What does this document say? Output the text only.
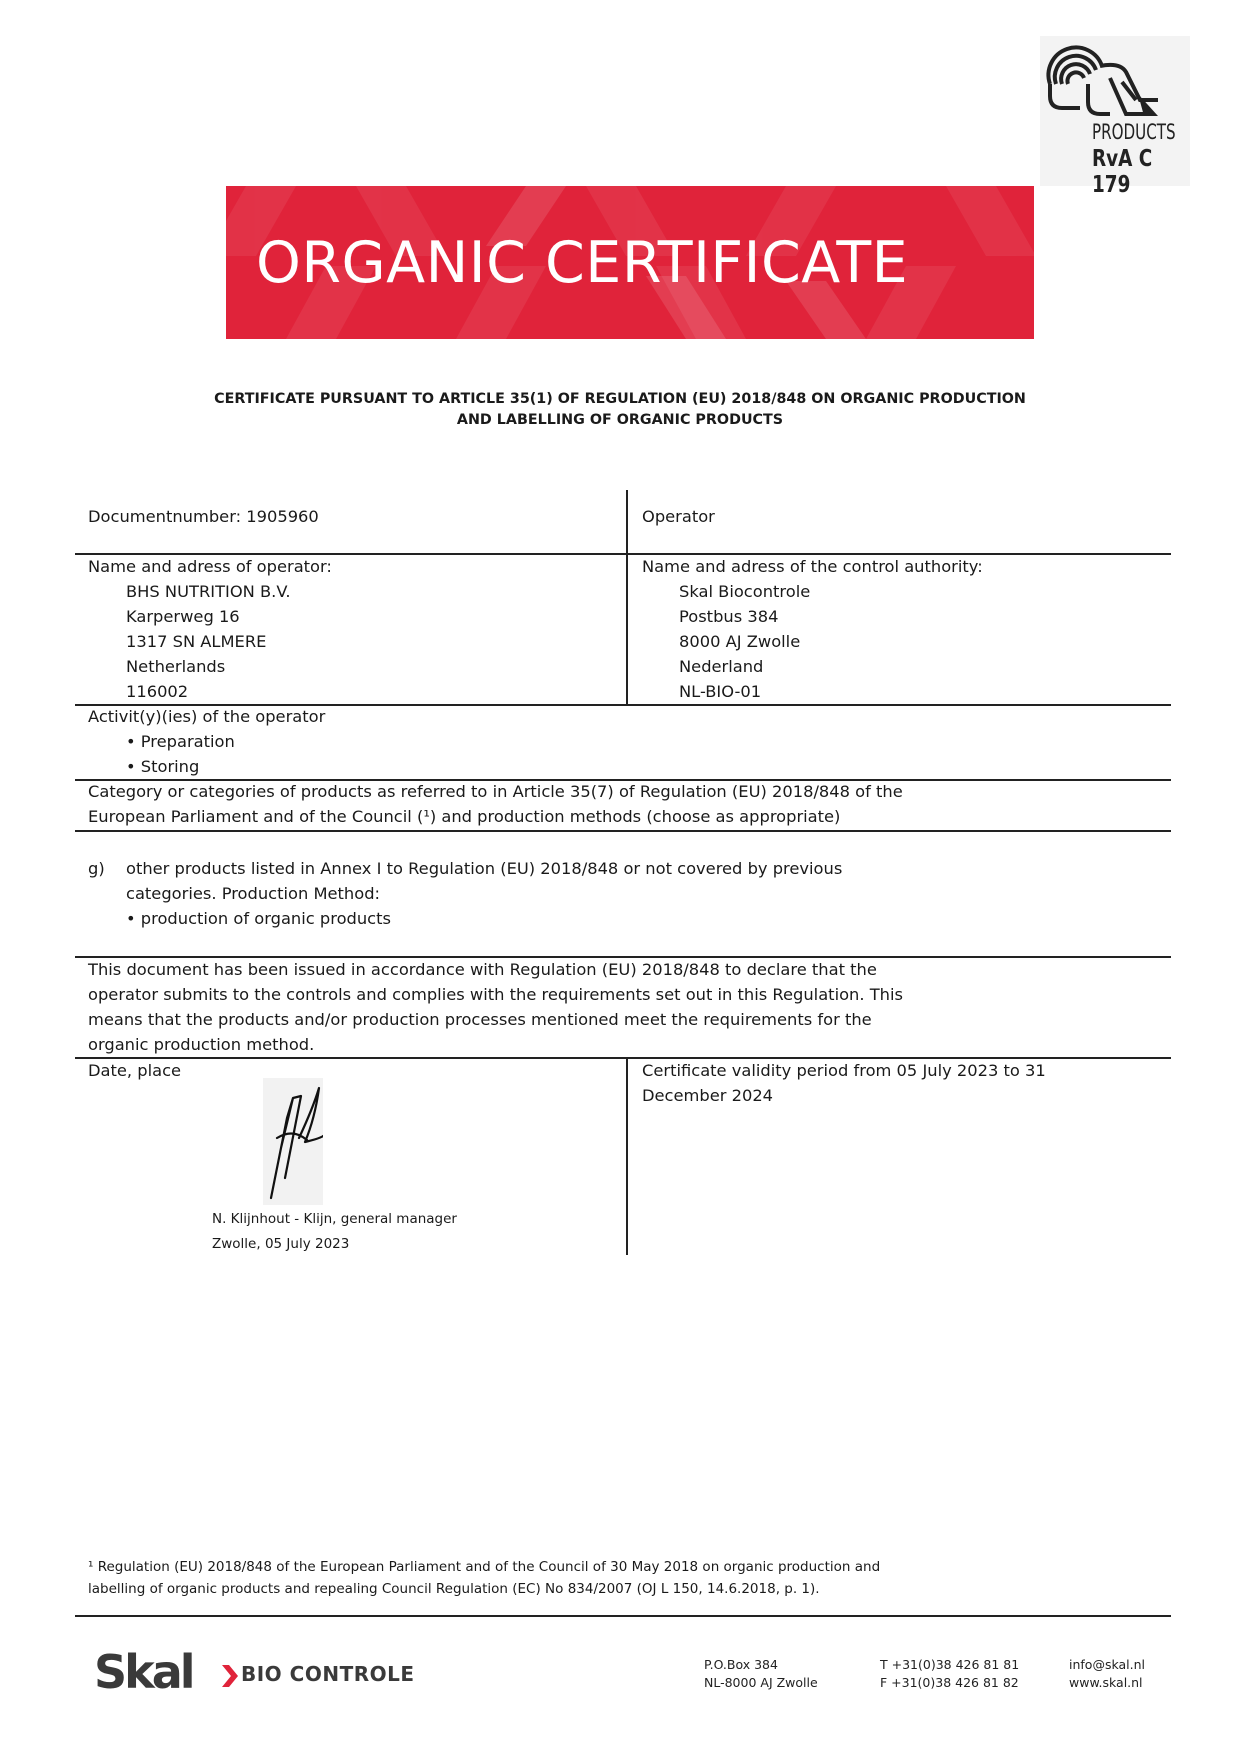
PRODUCTS
RvA C 179
ORGANIC CERTIFICATE
CERTIFICATE PURSUANT TO ARTICLE 35(1) OF REGULATION (EU) 2018/848 ON ORGANIC PRODUCTION
AND LABELLING OF ORGANIC PRODUCTS
Documentnumber: 1905960	Operator
Name and adress of operator:
BHS NUTRITION B.V.
Karperweg 16
1317 SN ALMERE
Netherlands
116002
Name and adress of the control authority:
Skal Biocontrole
Postbus 384
8000 AJ Zwolle
Nederland
NL-BIO-01
Activit(y)(ies) of the operator
• Preparation
• Storing
Category or categories of products as referred to in Article 35(7) of Regulation (EU) 2018/848 of the
European Parliament and of the Council (¹) and production methods (choose as appropriate)
g) other products listed in Annex I to Regulation (EU) 2018/848 or not covered by previous
categories. Production Method:
• production of organic products
This document has been issued in accordance with Regulation (EU) 2018/848 to declare that the
operator submits to the controls and complies with the requirements set out in this Regulation. This
means that the products and/or production processes mentioned meet the requirements for the
organic production method.
Date, place
N. Klijnhout - Klijn, general manager
Zwolle, 05 July 2023
Certificate validity period from 05 July 2023 to 31
December 2024
¹ Regulation (EU) 2018/848 of the European Parliament and of the Council of 30 May 2018 on organic production and
labelling of organic products and repealing Council Regulation (EC) No 834/2007 (OJ L 150, 14.6.2018, p. 1).
Skal BIO CONTROLE	P.O.Box 384
NL-8000 AJ Zwolle
T +31(0)38 426 81 81
F +31(0)38 426 81 82
info@skal.nl
www.skal.nl
